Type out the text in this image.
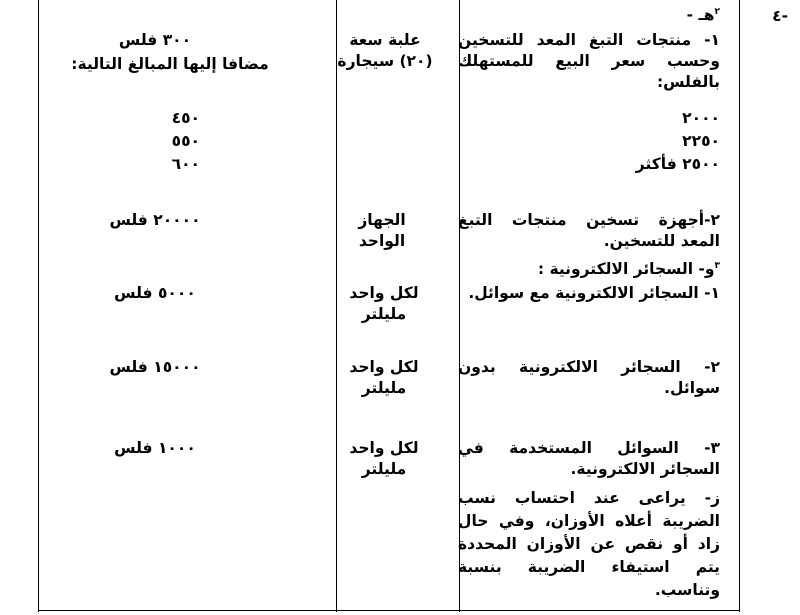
-٤
$^٢$هـ -
١- منتجات التبغ المعد للتسخين وحسب سعر البيع للمستهلك بالفلس:
علبة سعة (٢٠) سيجارة
٣٠٠ فلس
مضافا إليها المبالغ التالية:
٢٠٠٠
٢٢٥٠
٢٥٠٠ فأكثر
٤٥٠
٥٥٠
٦٠٠
٢-أجهزة تسخين منتجات التبغ المعد للتسخين.
الجهاز الواحد
٢٠٠٠٠ فلس
$^٣$و- السجائر الالكترونية :
١- السجائر الالكترونية مع سوائل.
لكل واحد مليلتر
٥٠٠٠ فلس
٢- السجائر الالكترونية بدون سوائل.
لكل واحد مليلتر
١٥٠٠٠ فلس
٣- السوائل المستخدمة في السجائر الالكترونية.
لكل واحد مليلتر
١٠٠٠ فلس
ز- يراعى عند احتساب نسب الضريبة أعلاه الأوزان، وفي حال زاد أو نقص عن الأوزان المحددة يتم استيفاء الضريبة بنسبة وتناسب.
